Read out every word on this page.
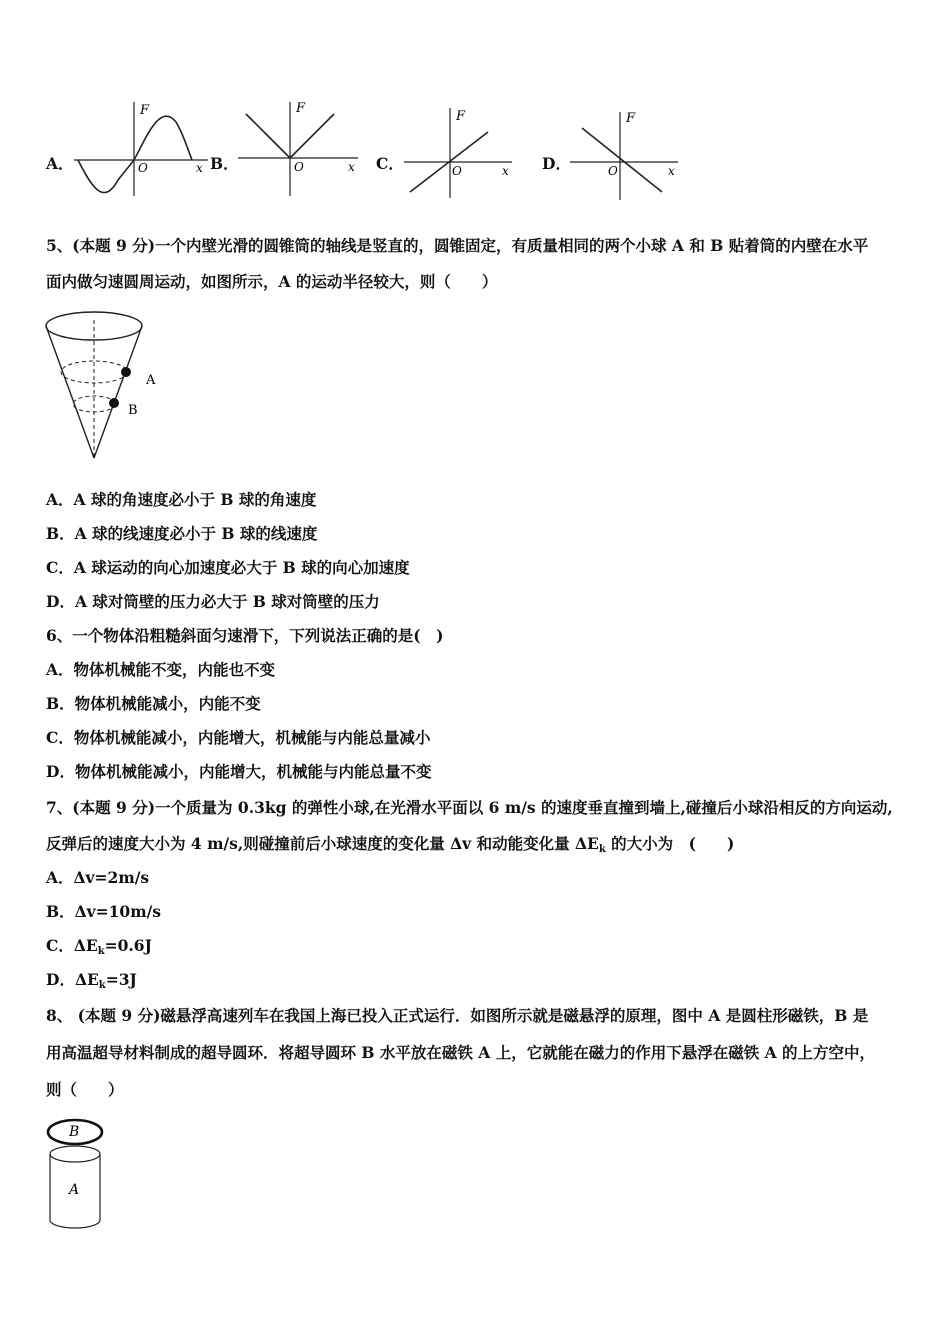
A．
F
O	x B．
F
O	x C．
F
O	x D．
F
O	x
5、(本题 9 分)一个内壁光滑的圆锥筒的轴线是竖直的，圆锥固定，有质量相同的两个小球 A 和 B 贴着筒的内壁在水平
面内做匀速圆周运动，如图所示，A 的运动半径较大，则（　　）
A
B
A．A 球的角速度必小于 B 球的角速度
B．A 球的线速度必小于 B 球的线速度
C．A 球运动的向心加速度必大于 B 球的向心加速度
D．A 球对筒壁的压力必大于 B 球对筒壁的压力
6、一个物体沿粗糙斜面匀速滑下，下列说法正确的是(　)
A．物体机械能不变，内能也不变
B．物体机械能减小，内能不变
C．物体机械能减小，内能增大，机械能与内能总量减小
D．物体机械能减小，内能增大，机械能与内能总量不变
7、(本题 9 分)一个质量为 0.3kg 的弹性小球,在光滑水平面以 6 m/s 的速度垂直撞到墙上,碰撞后小球沿相反的方向运动,
反弹后的速度大小为 4 m/s,则碰撞前后小球速度的变化量 Δv 和动能变化量 $\Delta E_k$ 的大小为　(　　)
A．Δv=2m/s
B．Δv=10m/s
C．$\Delta E_k=0.6J$
D．$\Delta E_k=3J$
8、 (本题 9 分)磁悬浮高速列车在我国上海已投入正式运行．如图所示就是磁悬浮的原理，图中 A 是圆柱形磁铁，B 是
用高温超导材料制成的超导圆环．将超导圆环 B 水平放在磁铁 A 上，它就能在磁力的作用下悬浮在磁铁 A 的上方空中，
则（　　）
B
A
